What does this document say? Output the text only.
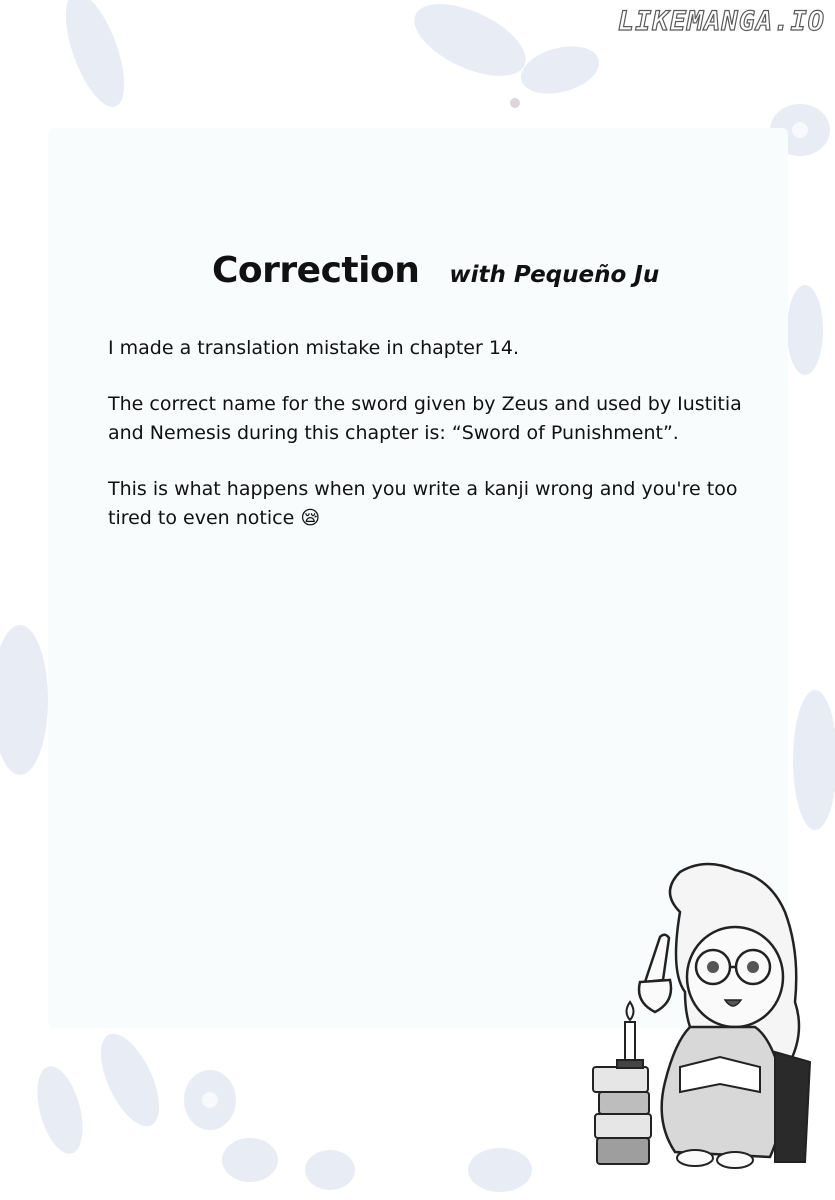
LIKEMANGA.IO
Correction with Pequeño Ju

I made a translation mistake in chapter 14.

The correct name for the sword given by Zeus and used by Iustitia and Nemesis during this chapter is: “Sword of Punishment”.

This is what happens when you write a kanji wrong and you're too tired to even notice 😪
